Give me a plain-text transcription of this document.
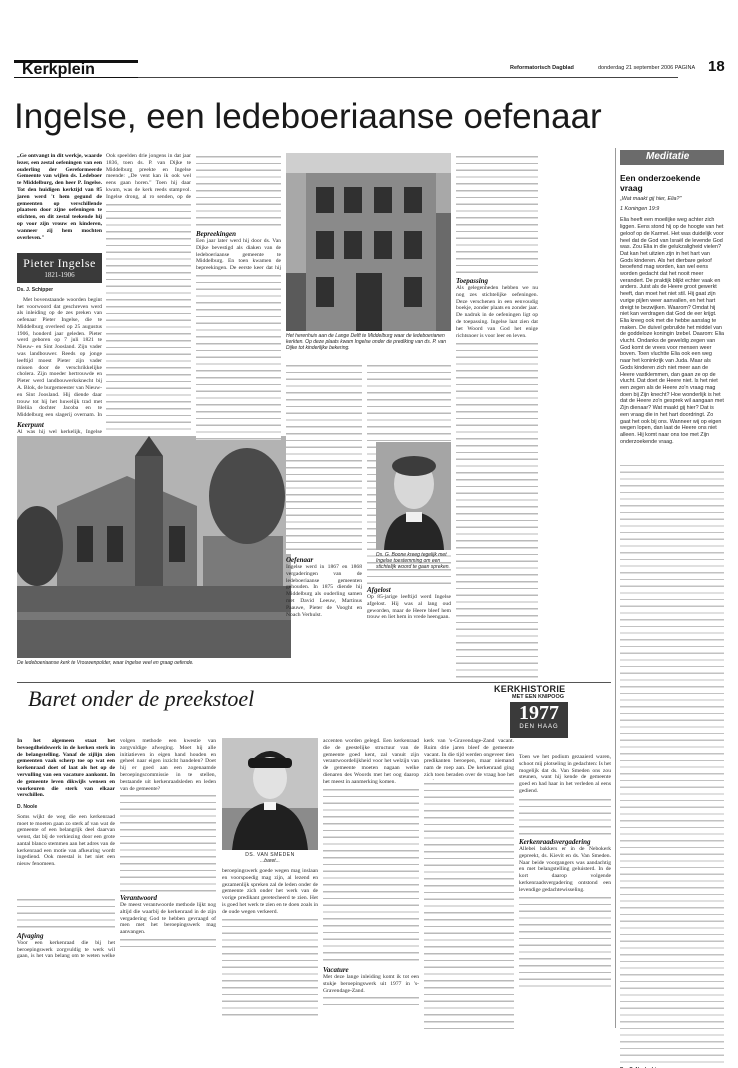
Kerkplein	Reformatorisch Dagblad	donderdag 21 september 2006 PAGINA 18
Ingelse, een ledeboeriaanse oefenaar

„Ge ontvangt in dit werkje, waarde lezer, een zestal oefeningen van een ouderling der Gereformeerde Gemeente van wijlen ds. Ledeboer te Middelburg, den heer P. Ingelse. Tot den huidigen kerktijd van 85 jaren werd 't hem gegund de gemeenten op verschillende plaatsen door zijne oefeningen te stichten, en dit zestal teekende hij op voor zijn vrouw en kinderen, wanneer zij hem mochten overleven."

Pieter Ingelse
1821-1906

Ds. J. Schipper

Met bovenstaande woorden begint het voorwoord dat geschreven werd als inleiding op de zes preken van oefenaar Pieter Ingelse, die te Middelburg overleed op 25 augustus 1906, honderd jaar geleden. Pieter werd geboren op 7 juli 1821 te Nieuw- en Sint Joosland. Zijn vader was landbouwer. Reeds op jonge leeftijd moest Pieter zijn vader missen door de verschrikkelijke cholera. Zijn moeder hertrouwde en Pieter werd landbouwerksknecht bij A. Blok, de burgemeester van Nieuw- en Sint Joosland. Hij diende daar trouw tot hij het huwelijk trad met Bleliia dochter Jacoba en te Middelburg een slagerij overnam. In

Keerpunt

Al was hij wel kerkelijk, Ingelse

De ledeboeriaanse kerk te Vrouwenpolder, waar Ingelse veel en graag oefende.

Ook speelden drie jongens in dat jaar 1836, toen ds. P. van Dijke te Middelburg preekte en Ingelse meende: „De vent kan ik ook wel eens gaan horen." Toen hij daar kwam, was de kerk reeds stampvol. Ingelse drong, al ro senden, op de

Bepreekingen

Een jaar later werd hij door ds. Van Dijke bevestigd als diaken van de ledeboeriaanse gemeente te Middelburg. En toen kwamen de bepreekingen. De eerste keer dat hij

Het herenhuis aan de Lange Delft te Middelburg waar de ledeboerianen kerkten. Op deze plaats kwam Ingelse onder de prediking van ds. P. van Dijke tot kinderlijke bekering.

Oefenaar

Ingelse werd in 1867 en 1868 vergaderingen van de ledeboeriaanse gemeenten gehouden. In 1875 diende hij Middelburg als ouderling samen met David Leeuw, Martinus Paauwe, Pieter de Vooght en Noach Verhulst.

Afgelost

Op 85-jarige leeftijd werd Ingelse afgelost. Hij was al lang oud geworden, maar de Heere bleef hem trouw en liet hem in vrede heengaan.

Toepassing

Als gelegenheden hebben we nu nog zes stichtelijke oefeningen. Deze verschenen in een eenvoudig boekje, zonder plaats en zonder jaar. De nadruk in de oefeningen ligt op de toepassing. Ingelse laat zien dat het Woord van God het enige richtsnoer is voor leer en leven.

Ds. G. Boone kreeg tegelijk met Ingelse toestemming om een stichtelijk woord te gaan spreken.

Meditatie
Een onderzoekende vraag

„Wat maakt gij hier, Elia?"

1 Koningen 19:9

Elia heeft een moeilijke weg achter zich liggen. Eens stond hij op de hoogte van het geloof op de Karmel. Het was duidelijk voor heel dat de God van Israël de levende God was. Zou Elia in die gelukzaligheid vielen? Dat kan het uitzien zijn in het hart van Gods kinderen. Als het dierbare geloof beoefend mag worden, kan wel eens worden gedacht dat het nooit meer verandert. De praktijk blijkt echter vaak en anders. Juist als de Heere groot gewerkt heeft, dan moet het niet stil. Hij gaat zijn vurige pijlen weer aanvallen, en het hart dreigt te bezwijken. Waarom? Omdat hij niet kan verdragen dat God de eer krijgt. Elia kreeg ook met die hebbe aanslag te maken. De duivel gebruikte het middel van de goddeloze koningin Izebel. Daarom: Elia vlucht. Ondanks de geweldig zegen van God komt de vrees voor mensen weer boven. Toen vluchtte Elia ook een weg naar het koninkrijk van Juda. Maar als Gods kinderen zich niet meer aan de Heere vastklemmen, dan gaan ze op de vlucht. Dat doet de Heere niet. Is het niet een zegen als de Heere zo'n vraag mag doen bij Zijn knecht? Hoe wonderlijk is het dat de Heere zo'n gesprek wil aangaan met Zijn dienaar? Wat maakt gij hier? Dat is een vraag die in het hart doordringt. Zo gaat het ook bij ons. Wanneer wij op eigen wegen lopen, dan laat de Heere ons niet alleen. Hij komt naar ons toe met Zijn onderzoekende vraag.

Baret onder de preekstoel	KERKHISTORIE
MET EEN KNIPOOG
1977
DEN HAAG

In het algemeen staat het bevoegdheidswerk in de kerken sterk in de belangstelling. Vanaf de zijlijn zien gemeenten vaak scherp toe op wat een kerkenraad doet of laat als het op de vervulling van een vacature aankomt. In de gemeente leven dikwijls wensen en voorkeuren die sterk van elkaar verschillen.

D. Noole

Soms wijkt de weg die een kerkenraad moet te moeten gaan zo sterk af van wat de gemeente of een belangrijk deel daarvan wenst, dat bij de verkiezing door een grote aantal blanco stemmen aan het adres van de kerkenraad een motie van afkeuring wordt ingediend. Ook meestal is het niet een nieuw fenomeen.

Afvaging

Voor een kerkenraad die bij het beroepingswerk zorgvuldig te werk wil gaan, is het van belang om te weten welke

volgen methode een kwestie van zorgvuldige afweging. Moet hij alle initiatieven in eigen hand houden en geheel naar eigen inzicht handelen? Doet hij er goed aan een zogenaamde beroepingscommissie in te stellen, bestaande uit kerkenraadsleden en leden van de gemeente?

Verantwoord

De meest verantwoorde methode lijkt nog altijd die waarbij de kerkenraad in de zijn vergadering God te hebben gevraagd of men met het beroepingswerk mag aanvangen.

DS. VAN SMEDEN
...baret...

beroepingswerk goede wegen mag inslaan en voorspoedig mag zijn, al lezend en gezamenlijk spreken zal de leden onder de gemeente zich onder het werk van de vorige predikant geretecheerd te zien. Het is goed het werk te zien en te doen zoals in de oude wegen verkeerd.

accenten worden gelegd. Een kerkenraad die de geestelijke structuur van de gemeente goed kent, zal vanuit zijn verantwoordelijkheid voor het welzijn van de gemeente moeten nagaan welke dienaren des Woords met het oog daarop het meest in aanmerking komen.

Vacature

Met deze lange inleiding komt ik tot een stukje beroepingswerk uit 1977 in 's-Gravendage-Zand.

kerk van 's-Gravendage-Zand vacant. Ruim drie jaren bleef de gemeente vacant. In die tijd werden ongeveer tien predikanten beroepen, maar niemand nam de roep aan. De kerkenraad ging zich toen beraden over de vraag hoe het

Toen we het podium gezaaierd waren, schoot mij plotseling in gedachten: Is het mogelijk dat ds. Van Smeden ons zou steunen, want hij kende de gemeente goed en had haar in het verleden al eens gediend.

Kerkenraadsvergadering

Allebei bakkers er in de Nebokerk gepreekt, ds. Kievit en ds. Van Smeden. Naar beide voorgangers was aandachtig en met belangstelling geluisterd. In de kort daarop volgende kerkenraadsvergadering ontstond een levendige gedachtewisseling.
